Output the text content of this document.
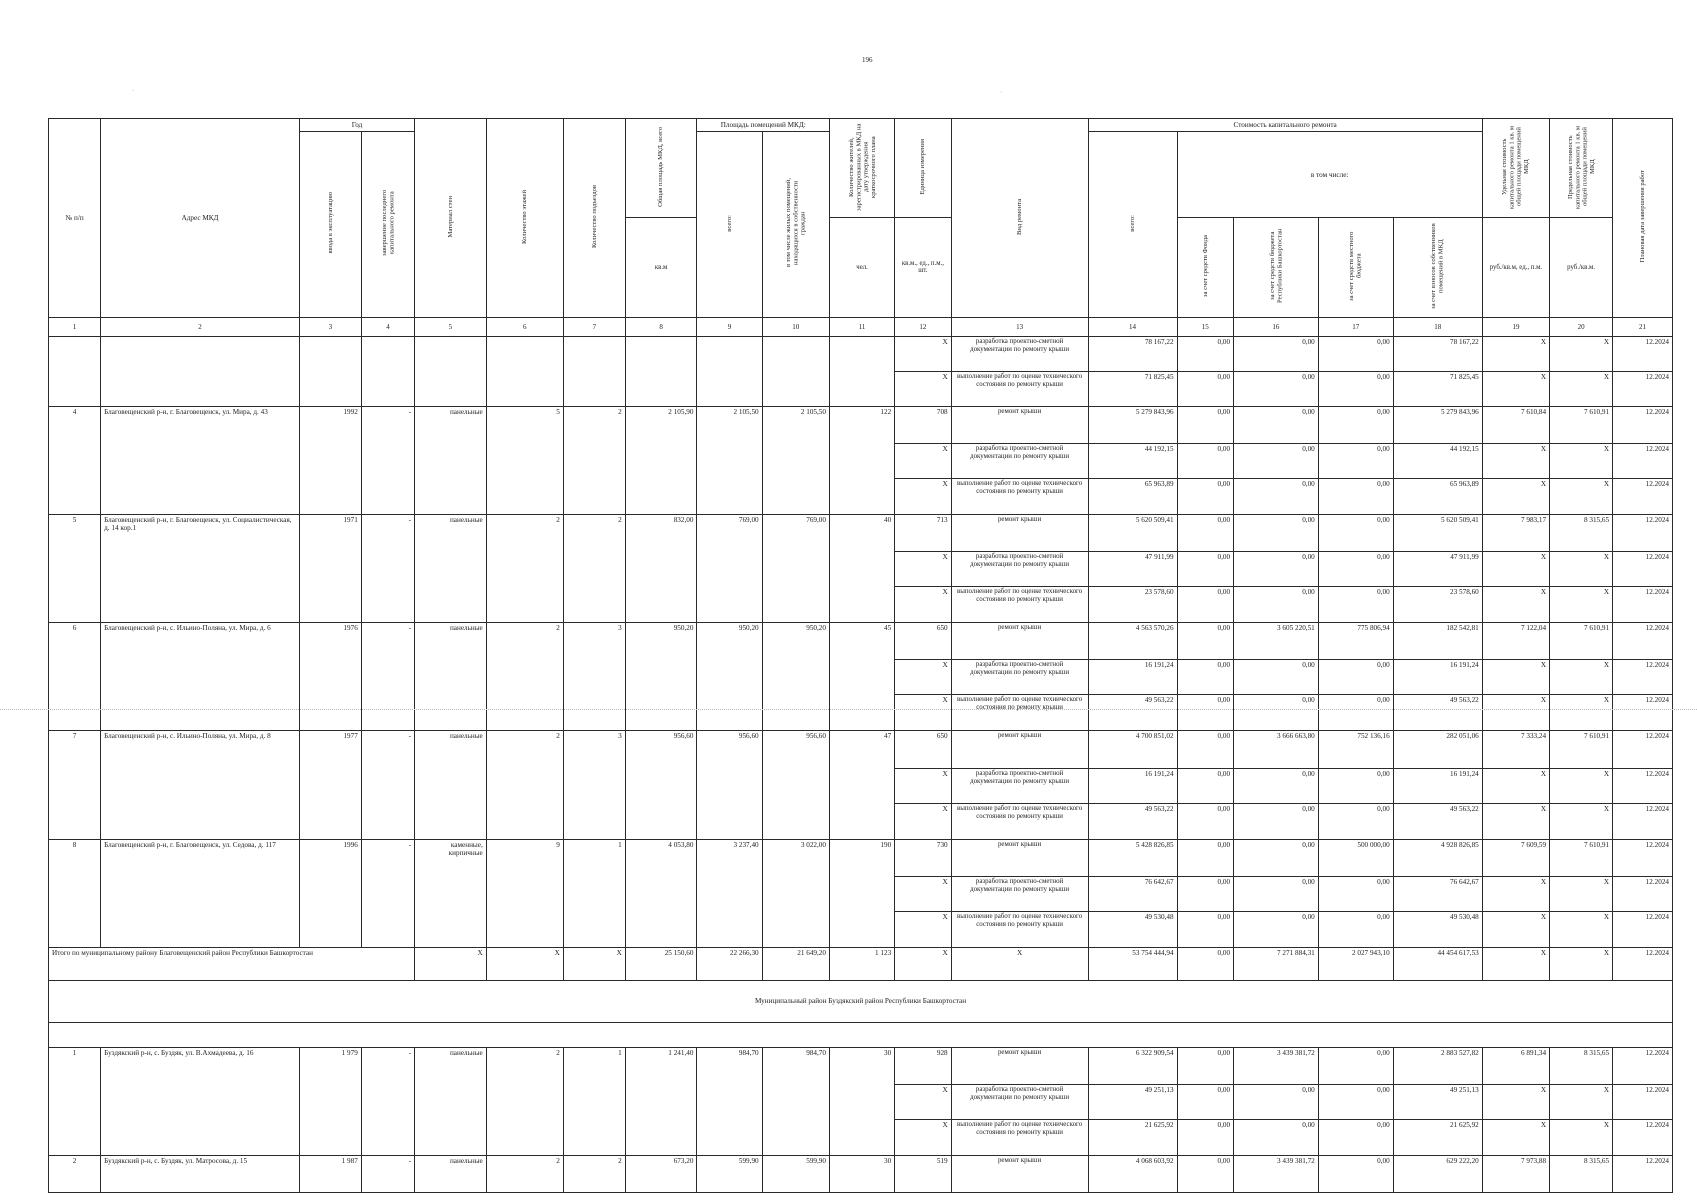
196
·	·
№ п/п	Адрес МКД	Год		Материал стен	Количество этажей	Количество подъездов	Общая площадь МКД, всего	Площадь помещений МКД:		Количество жителей, зарегистрированных в МКД на дату утверждения краткосрочного плана	Единица измерения	Вид ремонта	Стоимость капитального ремонта					Удельная стоимость капитального ремонта 1 кв. м общей площади помещений МКД	Предельная стоимость капитального ремонта 1 кв. м общей площади помещений МКД	Плановая дата завершения работ
		ввода в эксплуатацию	завершение последнего капитального ремонта					всего:	в том числе жилых помещений, находящихся в собственности граждан				всего:	в том числе:						
							кв.м			чел.	кв.м., ед., п.м., шт.			за счет средств Фонда	за счет средств бюджета Республики Башкортостан	за счет средств местного бюджета	за счет взносов собственников помещений в МКД	руб./кв.м, ед., п.м.	руб./кв.м.	
1	2	3	4	5	6	7	8	9	10	11	12	13	14	15	16	17	18	19	20	21
											X	разработка проектно-сметной документации по ремонту крыши	78 167,22	0,00	0,00	0,00	78 167,22	X	X	12.2024
											X	выполнение работ по оценке технического состояния по ремонту крыши	71 825,45	0,00	0,00	0,00	71 825,45	X	X	12.2024
4	Благовещенский р-н, г. Благовещенск, ул. Мира, д. 43	1992	-	панельные	5	2	2 105,90	2 105,50	2 105,50	122	708	ремонт крыши	5 279 843,96	0,00	0,00	0,00	5 279 843,96	7 610,84	7 610,91	12.2024
											X	разработка проектно-сметной документации по ремонту крыши	44 192,15	0,00	0,00	0,00	44 192,15	X	X	12.2024
											X	выполнение работ по оценке технического состояния по ремонту крыши	65 963,89	0,00	0,00	0,00	65 963,89	X	X	12.2024
5	Благовещенский р-н, г. Благовещенск, ул. Социалистическая, д. 14 кор.1	1971	-	панельные	2	2	832,00	769,00	769,00	40	713	ремонт крыши	5 620 509,41	0,00	0,00	0,00	5 620 509,41	7 983,17	8 315,65	12.2024
											X	разработка проектно-сметной документации по ремонту крыши	47 911,99	0,00	0,00	0,00	47 911,99	X	X	12.2024
											X	выполнение работ по оценке технического состояния по ремонту крыши	23 578,60	0,00	0,00	0,00	23 578,60	X	X	12.2024
6	Благовещенский р-н, с. Ильино-Поляна, ул. Мира, д. 6	1976	-	панельные	2	3	950,20	950,20	950,20	45	650	ремонт крыши	4 563 570,26	0,00	3 605 220,51	775 806,94	182 542,81	7 122,04	7 610,91	12.2024
											X	разработка проектно-сметной документации по ремонту крыши	16 191,24	0,00	0,00	0,00	16 191,24	X	X	12.2024
											X	выполнение работ по оценке технического состояния по ремонту крыши	49 563,22	0,00	0,00	0,00	49 563,22	X	X	12.2024
7	Благовещенский р-н, с. Ильино-Поляна, ул. Мира, д. 8	1977	-	панельные	2	3	956,60	956,60	956,60	47	650	ремонт крыши	4 700 851,02	0,00	3 666 663,80	752 136,16	282 051,06	7 333,24	7 610,91	12.2024
											X	разработка проектно-сметной документации по ремонту крыши	16 191,24	0,00	0,00	0,00	16 191,24	X	X	12.2024
											X	выполнение работ по оценке технического состояния по ремонту крыши	49 563,22	0,00	0,00	0,00	49 563,22	X	X	12.2024
8	Благовещенский р-н, г. Благовещенск, ул. Седова, д. 117	1996	-	каменные, кирпичные	9	1	4 053,80	3 237,40	3 022,00	190	730	ремонт крыши	5 428 826,85	0,00	0,00	500 000,00	4 928 826,85	7 609,59	7 610,91	12.2024
											X	разработка проектно-сметной документации по ремонту крыши	76 642,67	0,00	0,00	0,00	76 642,67	X	X	12.2024
											X	выполнение работ по оценке технического состояния по ремонту крыши	49 530,48	0,00	0,00	0,00	49 530,48	X	X	12.2024
Итого по муниципальному району Благовещенский район Республики Башкортостан				X	X	X	25 150,60	22 266,30	21 649,20	1 123	X	X	53 754 444,94	0,00	7 271 884,31	2 027 943,10	44 454 617,53	X	X	12.2024
Муниципальный район Буздякский район Республики Башкортостан																				

1	Буздякский р-н, с. Буздяк, ул. В.Ахмадеева, д. 16	1 979	-	панельные	2	1	1 241,40	984,70	984,70	30	928	ремонт крыши	6 322 909,54	0,00	3 439 381,72	0,00	2 883 527,82	6 891,34	8 315,65	12.2024
											X	разработка проектно-сметной документации по ремонту крыши	49 251,13	0,00	0,00	0,00	49 251,13	X	X	12.2024
											X	выполнение работ по оценке технического состояния по ремонту крыши	21 625,92	0,00	0,00	0,00	21 625,92	X	X	12.2024
2	Буздякский р-н, с. Буздяк, ул. Матросова, д. 15	1 987	-	панельные	2	2	673,20	599,90	599,90	30	519	ремонт крыши	4 068 603,92	0,00	3 439 381,72	0,00	629 222,20	7 973,88	8 315,65	12.2024
